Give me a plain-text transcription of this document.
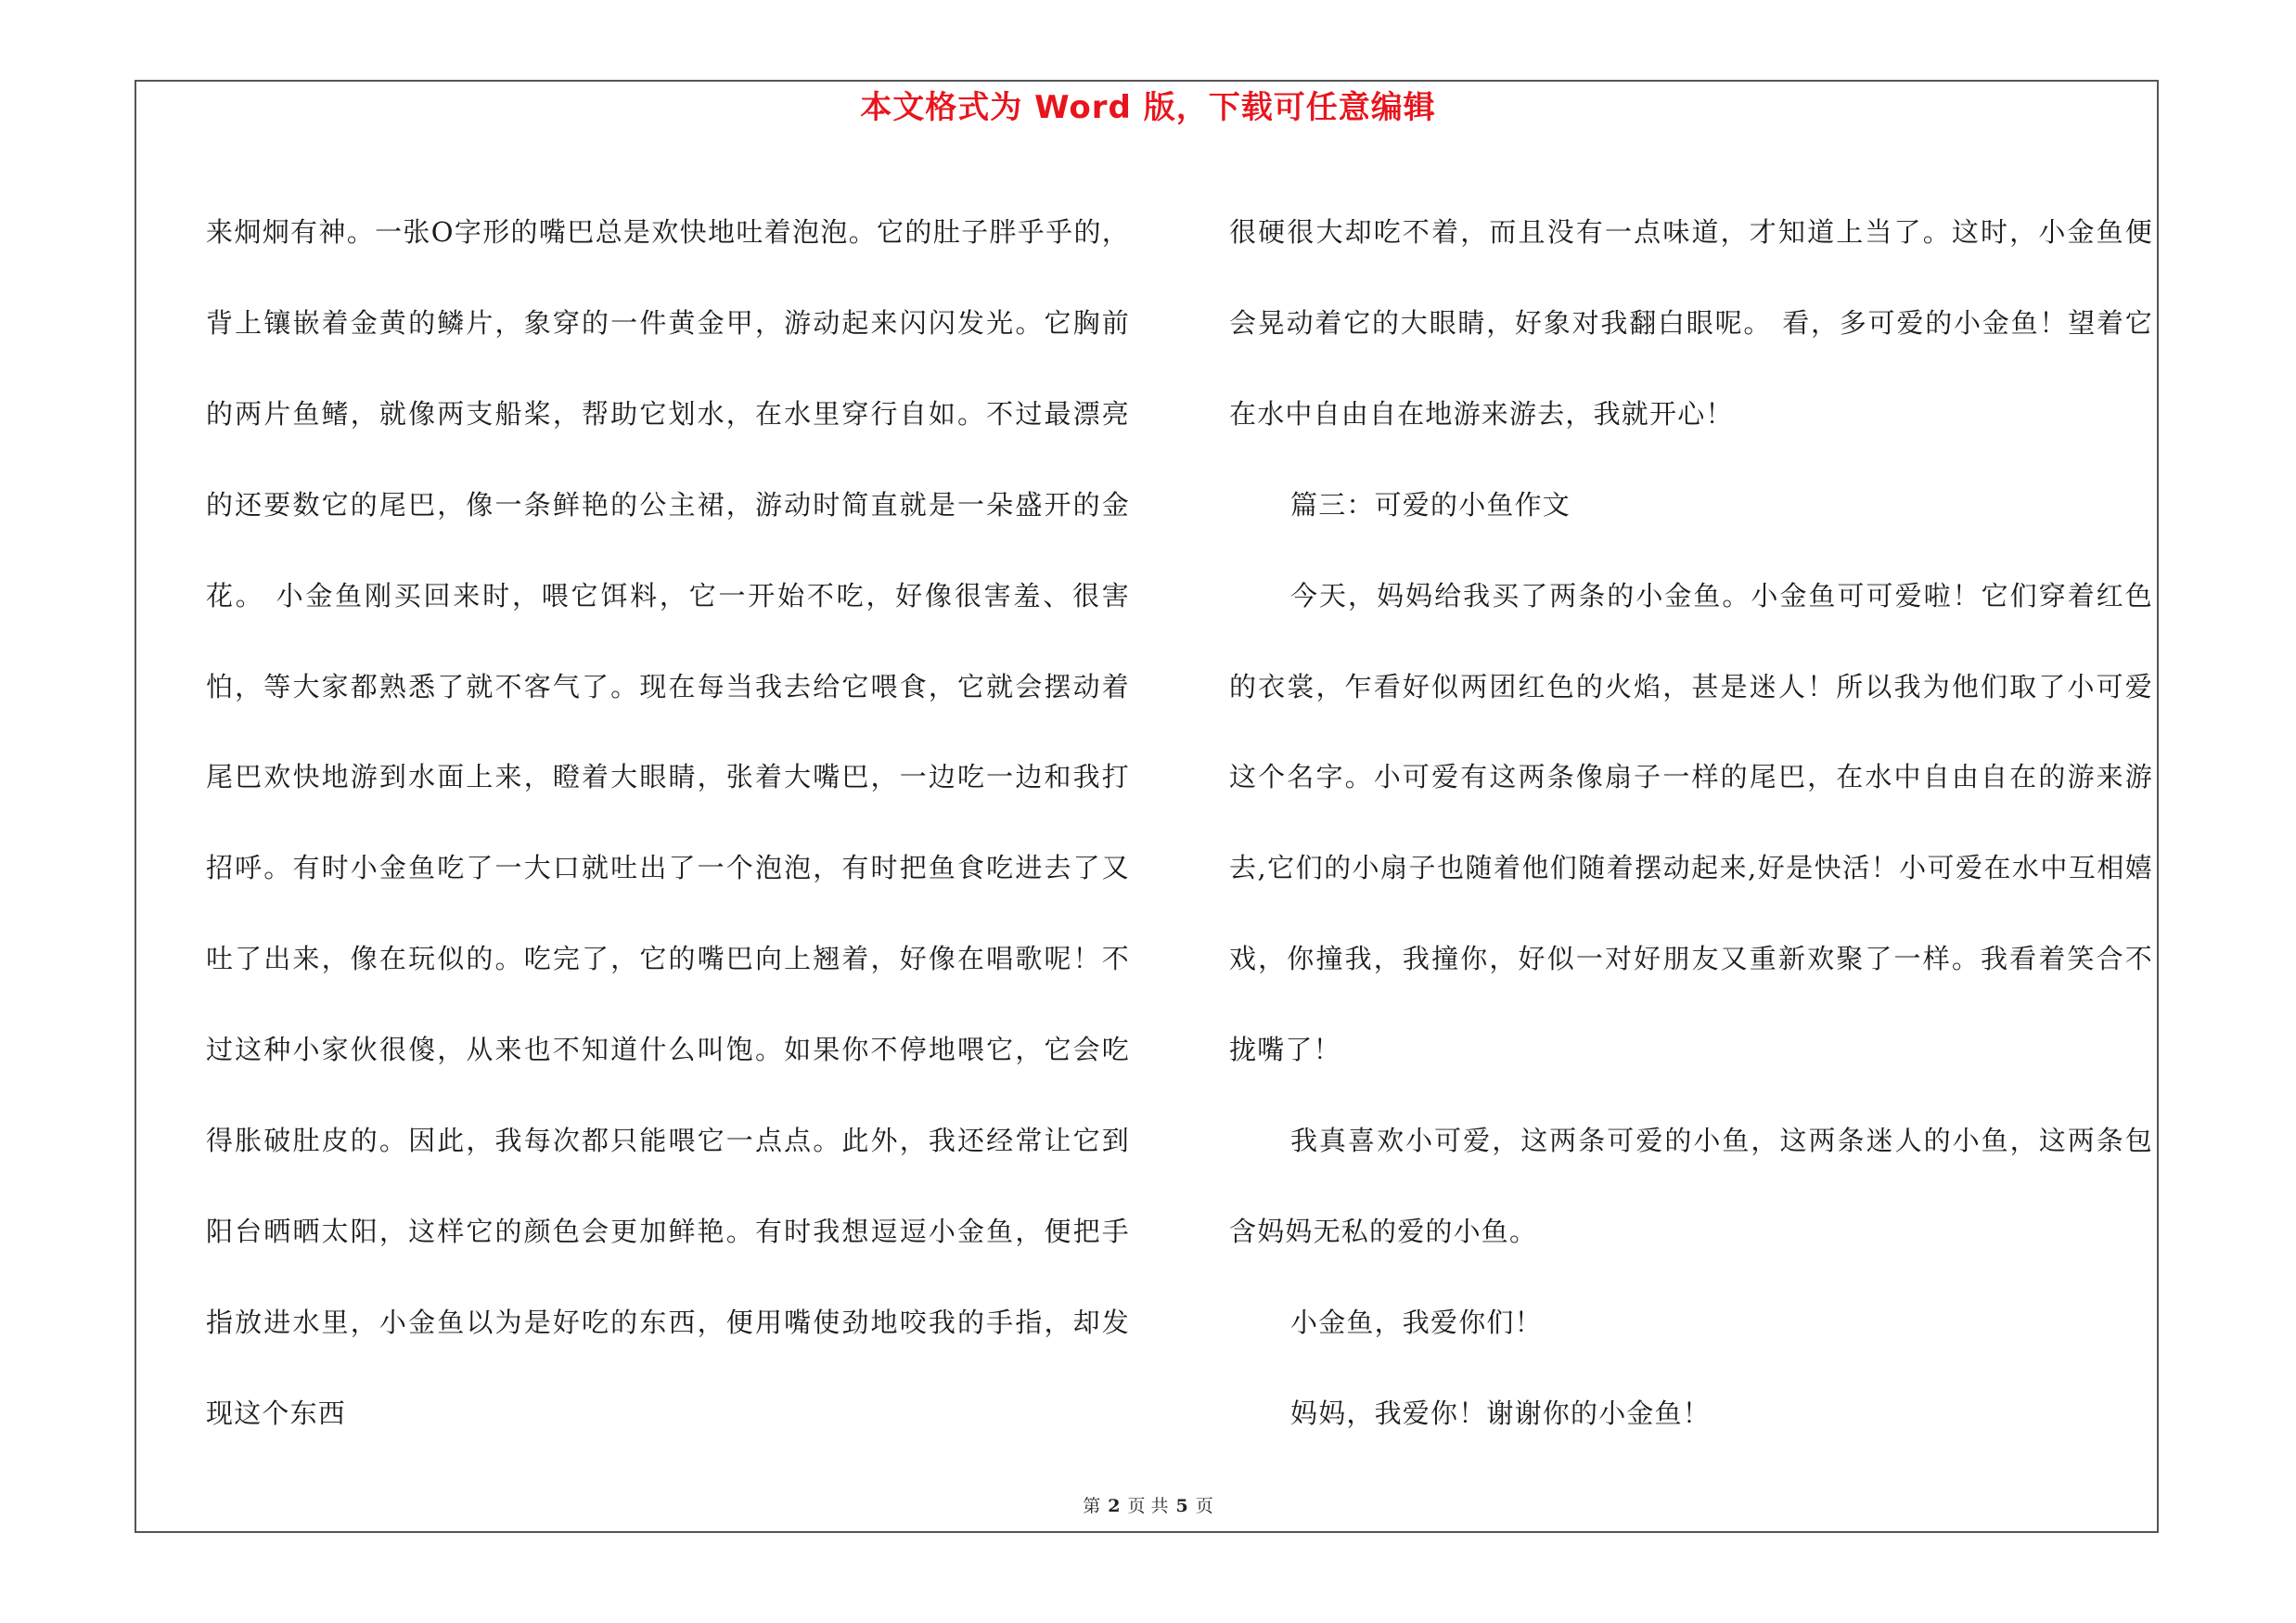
本文格式为 Word 版，下载可任意编辑

来炯炯有神。一张O字形的嘴巴总是欢快地吐着泡泡。它的肚子胖乎乎的，背上镶嵌着金黄的鳞片，象穿的一件黄金甲，游动起来闪闪发光。它胸前的两片鱼鳍，就像两支船桨，帮助它划水，在水里穿行自如。不过最漂亮的还要数它的尾巴，像一条鲜艳的公主裙，游动时简直就是一朵盛开的金花。 小金鱼刚买回来时，喂它饵料，它一开始不吃，好像很害羞、很害怕，等大家都熟悉了就不客气了。现在每当我去给它喂食，它就会摆动着尾巴欢快地游到水面上来，瞪着大眼睛，张着大嘴巴，一边吃一边和我打招呼。有时小金鱼吃了一大口就吐出了一个泡泡，有时把鱼食吃进去了又吐了出来，像在玩似的。吃完了，它的嘴巴向上翘着，好像在唱歌呢！不过这种小家伙很傻，从来也不知道什么叫饱。如果你不停地喂它，它会吃得胀破肚皮的。因此，我每次都只能喂它一点点。此外，我还经常让它到阳台晒晒太阳，这样它的颜色会更加鲜艳。有时我想逗逗小金鱼，便把手指放进水里，小金鱼以为是好吃的东西，便用嘴使劲地咬我的手指，却发现这个东西

很硬很大却吃不着，而且没有一点味道，才知道上当了。这时，小金鱼便会晃动着它的大眼睛，好象对我翻白眼呢。 看，多可爱的小金鱼！望着它在水中自由自在地游来游去，我就开心！

篇三：可爱的小鱼作文

今天，妈妈给我买了两条的小金鱼。小金鱼可可爱啦！它们穿着红色的衣裳，乍看好似两团红色的火焰，甚是迷人！所以我为他们取了小可爱这个名字。小可爱有这两条像扇子一样的尾巴，在水中自由自在的游来游去,它们的小扇子也随着他们随着摆动起来,好是快活！小可爱在水中互相嬉戏，你撞我，我撞你，好似一对好朋友又重新欢聚了一样。我看着笑合不拢嘴了！

我真喜欢小可爱，这两条可爱的小鱼，这两条迷人的小鱼，这两条包含妈妈无私的爱的小鱼。

小金鱼，我爱你们！

妈妈，我爱你！谢谢你的小金鱼！

第 2 页 共 5 页
